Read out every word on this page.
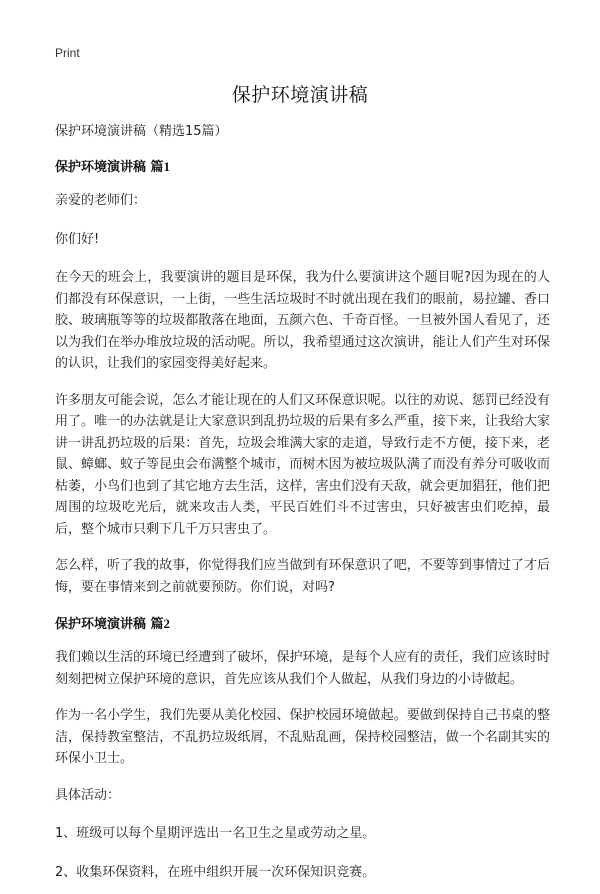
Print
保护环境演讲稿
保护环境演讲稿（精选15篇）
保护环境演讲稿 篇1

亲爱的老师们：

你们好!

在今天的班会上，我要演讲的题目是环保，我为什么要演讲这个题目呢?因为现在的人们都没有环保意识，一上街，一些生活垃圾时不时就出现在我们的眼前，易拉罐、香口胶、玻璃瓶等等的垃圾都散落在地面，五颜六色、千奇百怪。一旦被外国人看见了，还以为我们在举办堆放垃圾的活动呢。所以，我希望通过这次演讲，能让人们产生对环保的认识，让我们的家园变得美好起来。

许多朋友可能会说，怎么才能让现在的人们又环保意识呢。以往的劝说、惩罚已经没有用了。唯一的办法就是让大家意识到乱扔垃圾的后果有多么严重，接下来，让我给大家讲一讲乱扔垃圾的后果：首先，垃圾会堆满大家的走道，导致行走不方便，接下来，老鼠、蟑螂、蚊子等昆虫会布满整个城市，而树木因为被垃圾队满了而没有养分可吸收而枯萎，小鸟们也到了其它地方去生活，这样，害虫们没有天敌，就会更加猖狂，他们把周围的垃圾吃光后，就来攻击人类，平民百姓们斗不过害虫，只好被害虫们吃掉，最后，整个城市只剩下几千万只害虫了。

怎么样，听了我的故事，你觉得我们应当做到有环保意识了吧，不要等到事情过了才后悔，要在事情来到之前就要预防。你们说，对吗?

保护环境演讲稿 篇2

我们赖以生活的环境已经遭到了破坏，保护环境，是每个人应有的责任，我们应该时时刻刻把树立保护环境的意识，首先应该从我们个人做起，从我们身边的小诗做起。

作为一名小学生，我们先要从美化校园、保护校园环境做起。要做到保持自己书桌的整洁，保持教室整洁，不乱扔垃圾纸屑，不乱贴乱画，保持校园整洁，做一个名副其实的环保小卫士。

具体活动：

1、班级可以每个星期评选出一名卫生之星或劳动之星。

2、收集环保资料，在班中组织开展一次环保知识竞赛。
